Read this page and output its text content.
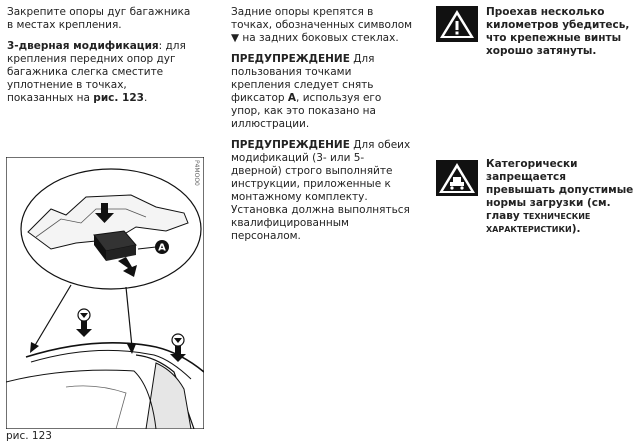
Закрепите опоры дуг багажника в местах крепления.

3-дверная модификация: для крепления передних опор дуг багажника слегка сместите уплотнение в точках, показанных на рис. 123.

Задние опоры крепятся в точках, обозначенных символом ▼ на задних боковых стеклах.

ПРЕДУПРЕЖДЕНИЕ Для пользования точками крепления следует снять фиксатор A, используя его упор, как это показано на иллюстрации.

ПРЕДУПРЕЖДЕНИЕ Для обеих модификаций (3- или 5-дверной) строго выполняйте инструкции, приложенные к монтажному комплекту. Установка должна выполняться квалифицированным персоналом.

Проехав несколько километров убедитесь, что крепежные винты хорошо затянуты.
Категорически запрещается превышать допустимые нормы загрузки (см. главу ТЕХНИЧЕСКИЕ ХАРАКТЕРИСТИКИ).
A
P4MOO0
рис. 123
